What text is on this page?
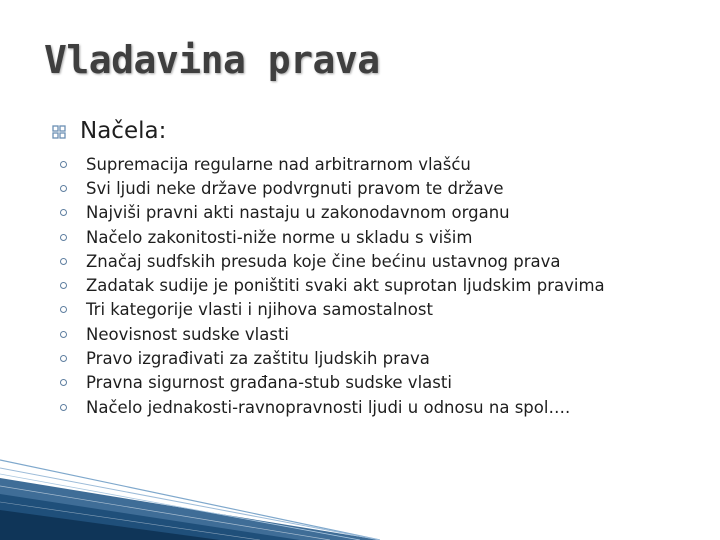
Vladavina prava
Načela:
Supremacija regularne nad arbitrarnom vlašću
Svi ljudi neke države podvrgnuti pravom te države
Najviši pravni akti nastaju u zakonodavnom organu
Načelo zakonitosti-niže norme u skladu s višim
Značaj sudfskih presuda koje čine bećinu ustavnog prava
Zadatak sudije je poništiti svaki akt suprotan ljudskim pravima
Tri kategorije vlasti i njihova samostalnost
Neovisnost sudske vlasti
Pravo izgrađivati za zaštitu ljudskih prava
Pravna sigurnost građana-stub sudske vlasti
Načelo jednakosti-ravnopravnosti ljudi u odnosu na spol….
